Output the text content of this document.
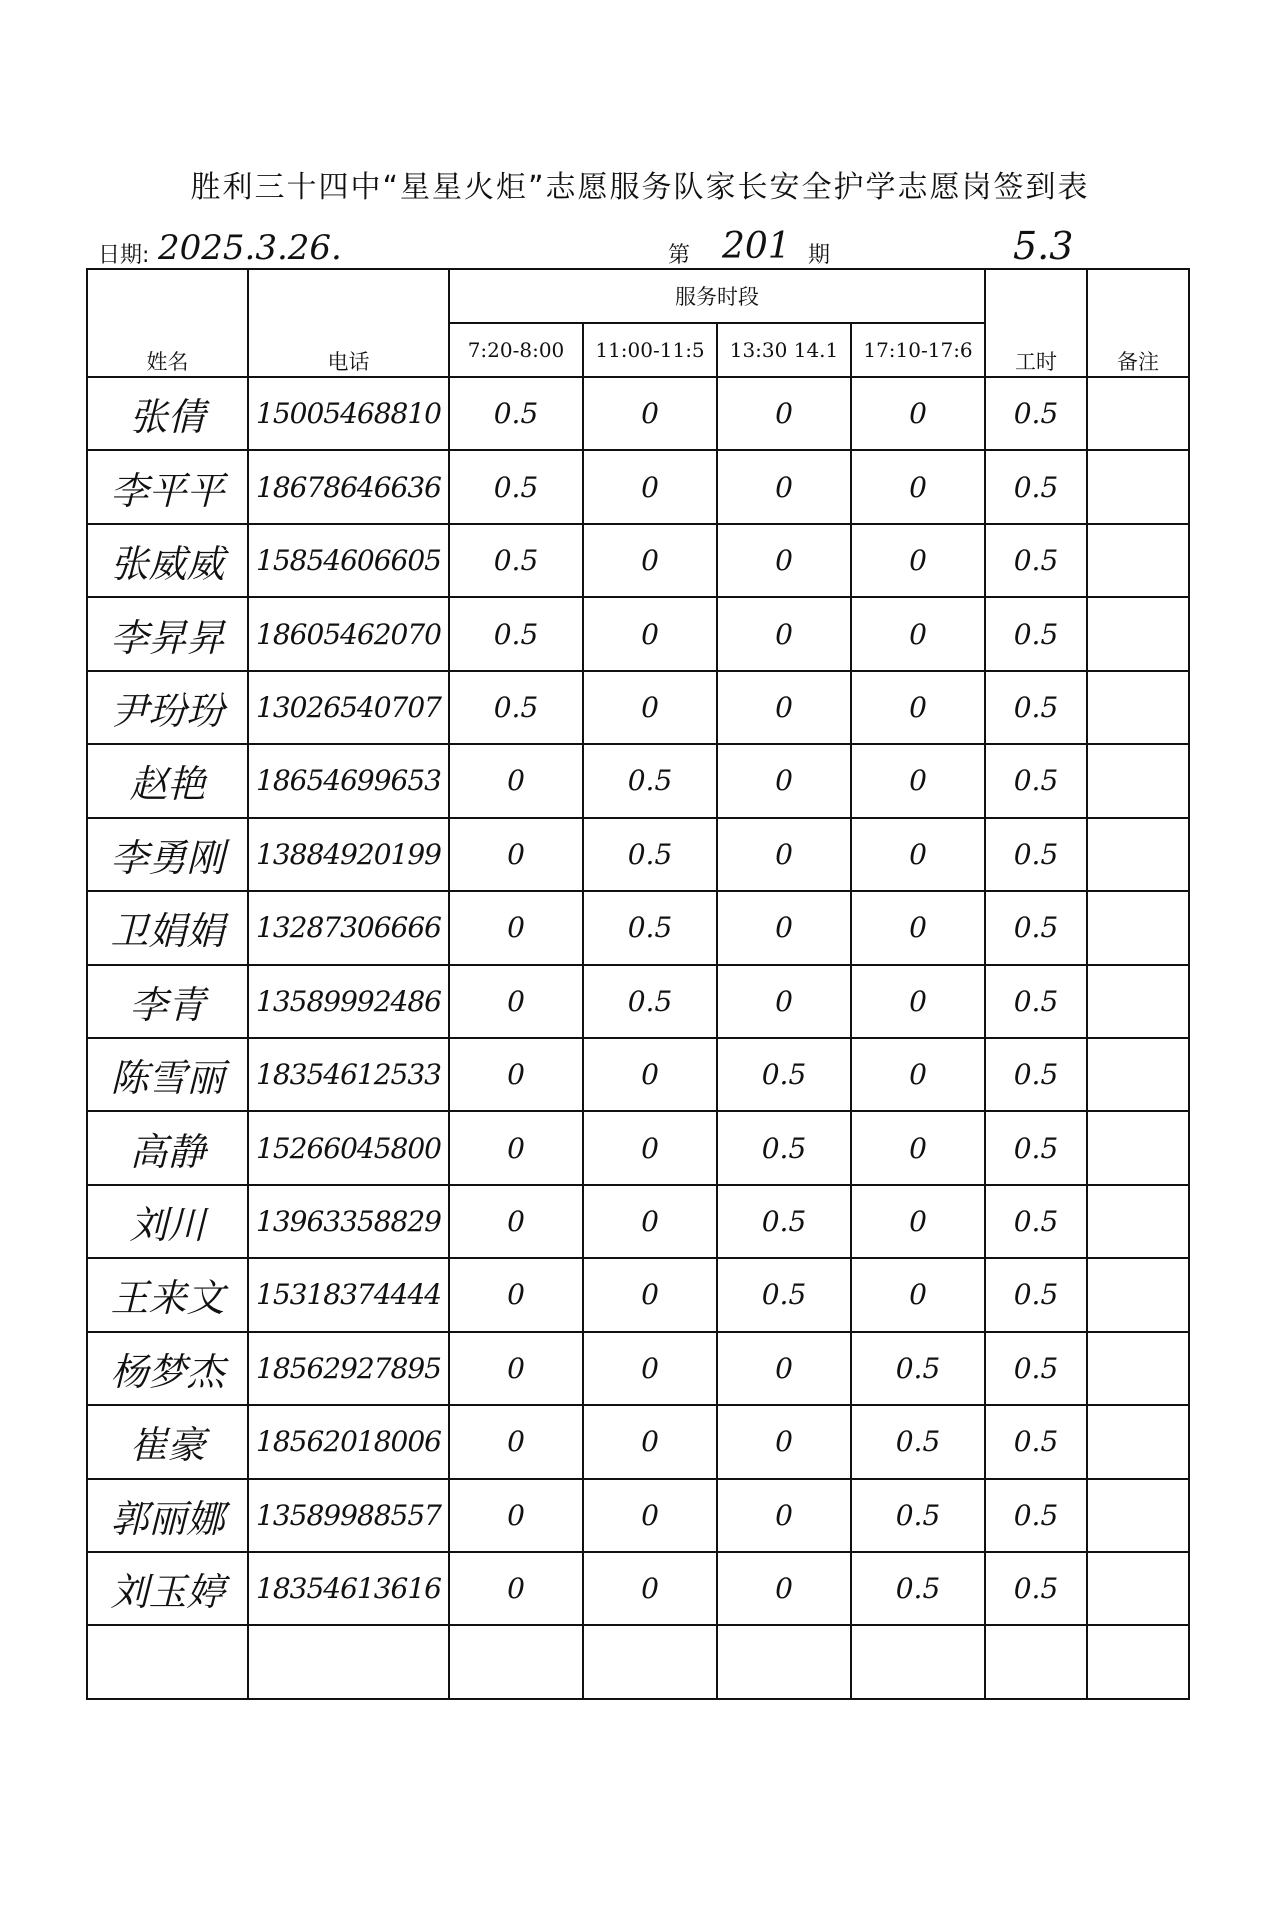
胜利三十四中“星星火炬”志愿服务队家长安全护学志愿岗签到表
日期: 2025.3.26.	第 201 期	5.3
姓名	电话	服务时段				工时	备注
		7:20-8:00	11:00-11:5	13:30 14.1	17:10-17:6		
张倩	15005468810	0.5	0	0	0	0.5	
李平平	18678646636	0.5	0	0	0	0.5	
张威威	15854606605	0.5	0	0	0	0.5	
李昇昇	18605462070	0.5	0	0	0	0.5	
尹玢玢	13026540707	0.5	0	0	0	0.5	
赵艳	18654699653	0	0.5	0	0	0.5	
李勇刚	13884920199	0	0.5	0	0	0.5	
卫娟娟	13287306666	0	0.5	0	0	0.5	
李青	13589992486	0	0.5	0	0	0.5	
陈雪丽	18354612533	0	0	0.5	0	0.5	
高静	15266045800	0	0	0.5	0	0.5	
刘川	13963358829	0	0	0.5	0	0.5	
王来文	15318374444	0	0	0.5	0	0.5	
杨梦杰	18562927895	0	0	0	0.5	0.5	
崔豪	18562018006	0	0	0	0.5	0.5	
郭丽娜	13589988557	0	0	0	0.5	0.5	
刘玉婷	18354613616	0	0	0	0.5	0.5	
